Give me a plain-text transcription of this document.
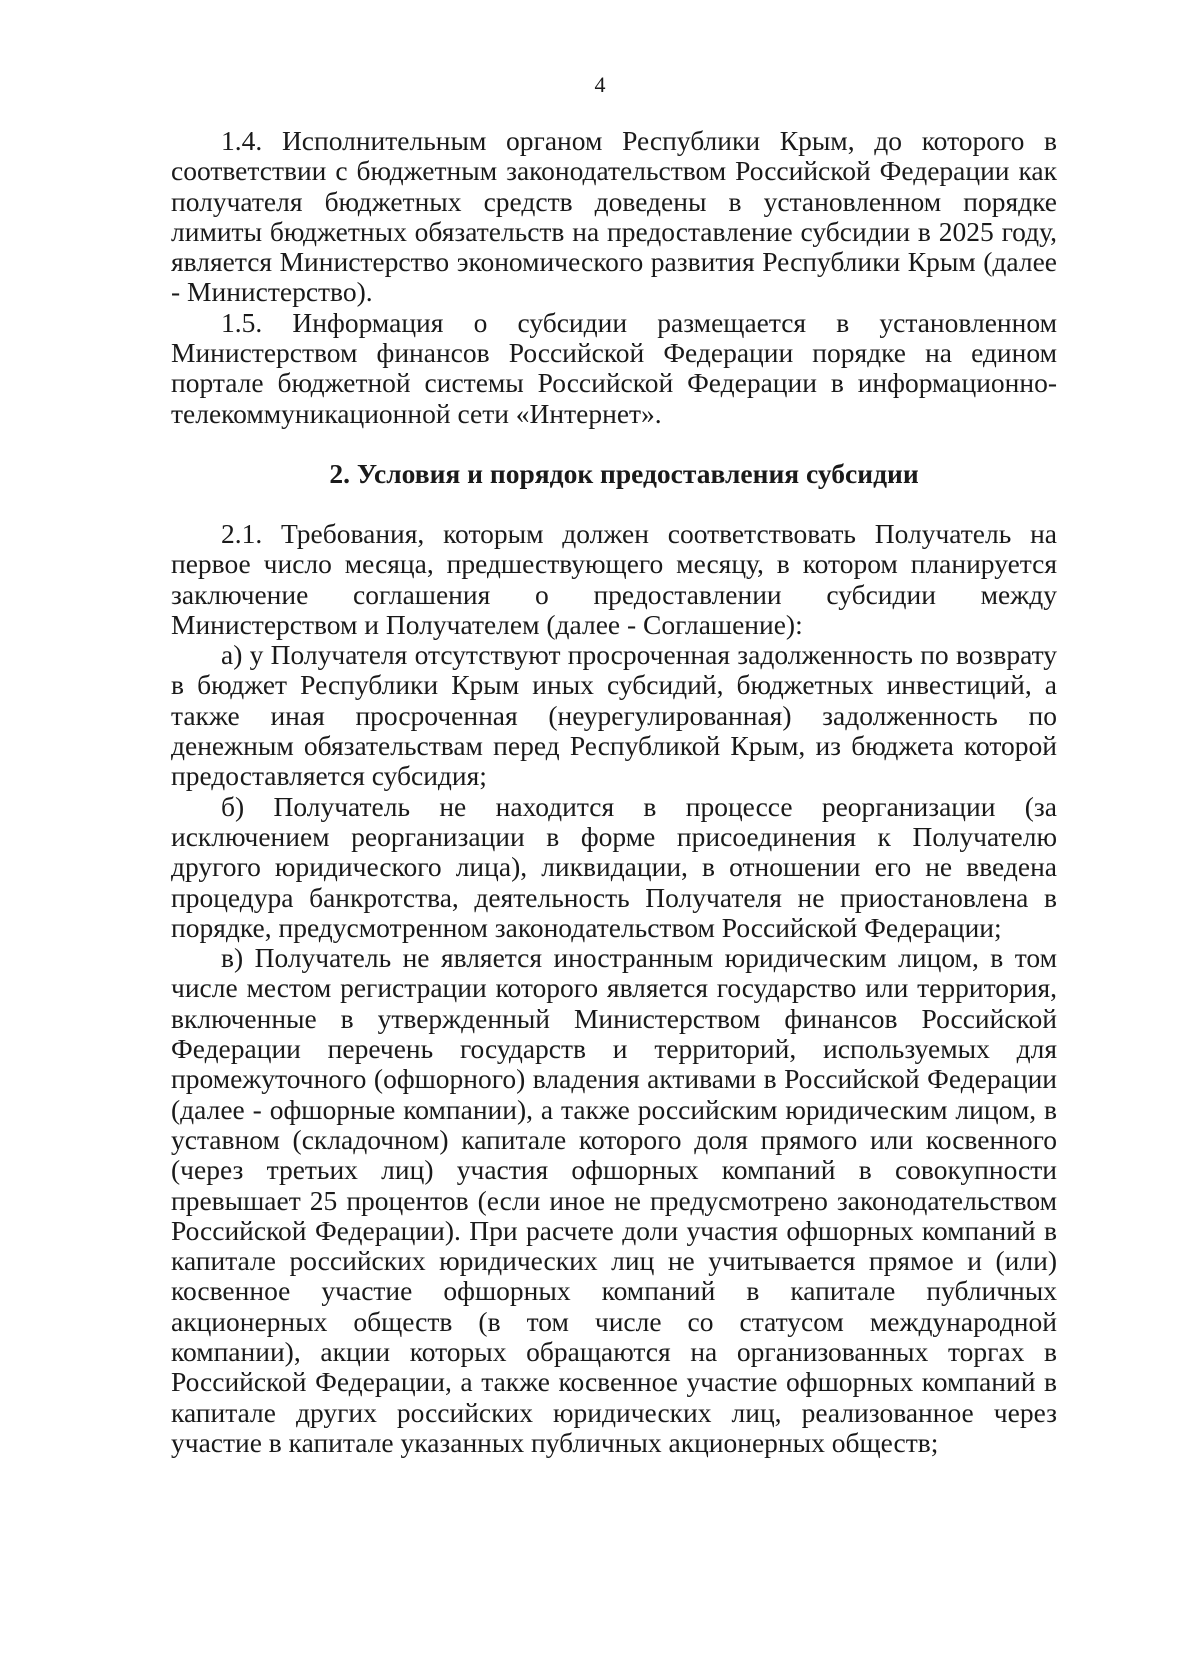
4

1.4. Исполнительным органом Республики Крым, до которого в соответствии с бюджетным законодательством Российской Федерации как получателя бюджетных средств доведены в установленном порядке лимиты бюджетных обязательств на предоставление субсидии в 2025 году, является Министерство экономического развития Республики Крым (далее - Министерство).

1.5. Информация о субсидии размещается в установленном Министерством финансов Российской Федерации порядке на едином портале бюджетной системы Российской Федерации в информационно-телекоммуникационной сети «Интернет».

2. Условия и порядок предоставления субсидии

2.1. Требования, которым должен соответствовать Получатель на первое число месяца, предшествующего месяцу, в котором планируется заключение соглашения о предоставлении субсидии между Министерством и Получателем (далее - Соглашение):

а) у Получателя отсутствуют просроченная задолженность по возврату в бюджет Республики Крым иных субсидий, бюджетных инвестиций, а также иная просроченная (неурегулированная) задолженность по денежным обязательствам перед Республикой Крым, из бюджета которой предоставляется субсидия;

б) Получатель не находится в процессе реорганизации (за исключением реорганизации в форме присоединения к Получателю другого юридического лица), ликвидации, в отношении его не введена процедура банкротства, деятельность Получателя не приостановлена в порядке, предусмотренном законодательством Российской Федерации;

в) Получатель не является иностранным юридическим лицом, в том числе местом регистрации которого является государство или территория, включенные в утвержденный Министерством финансов Российской Федерации перечень государств и территорий, используемых для промежуточного (офшорного) владения активами в Российской Федерации (далее - офшорные компании), а также российским юридическим лицом, в уставном (складочном) капитале которого доля прямого или косвенного (через третьих лиц) участия офшорных компаний в совокупности превышает 25 процентов (если иное не предусмотрено законодательством Российской Федерации). При расчете доли участия офшорных компаний в капитале российских юридических лиц не учитывается прямое и (или) косвенное участие офшорных компаний в капитале публичных акционерных обществ (в том числе со статусом международной компании), акции которых обращаются на организованных торгах в Российской Федерации, а также косвенное участие офшорных компаний в капитале других российских юридических лиц, реализованное через участие в капитале указанных публичных акционерных обществ;
